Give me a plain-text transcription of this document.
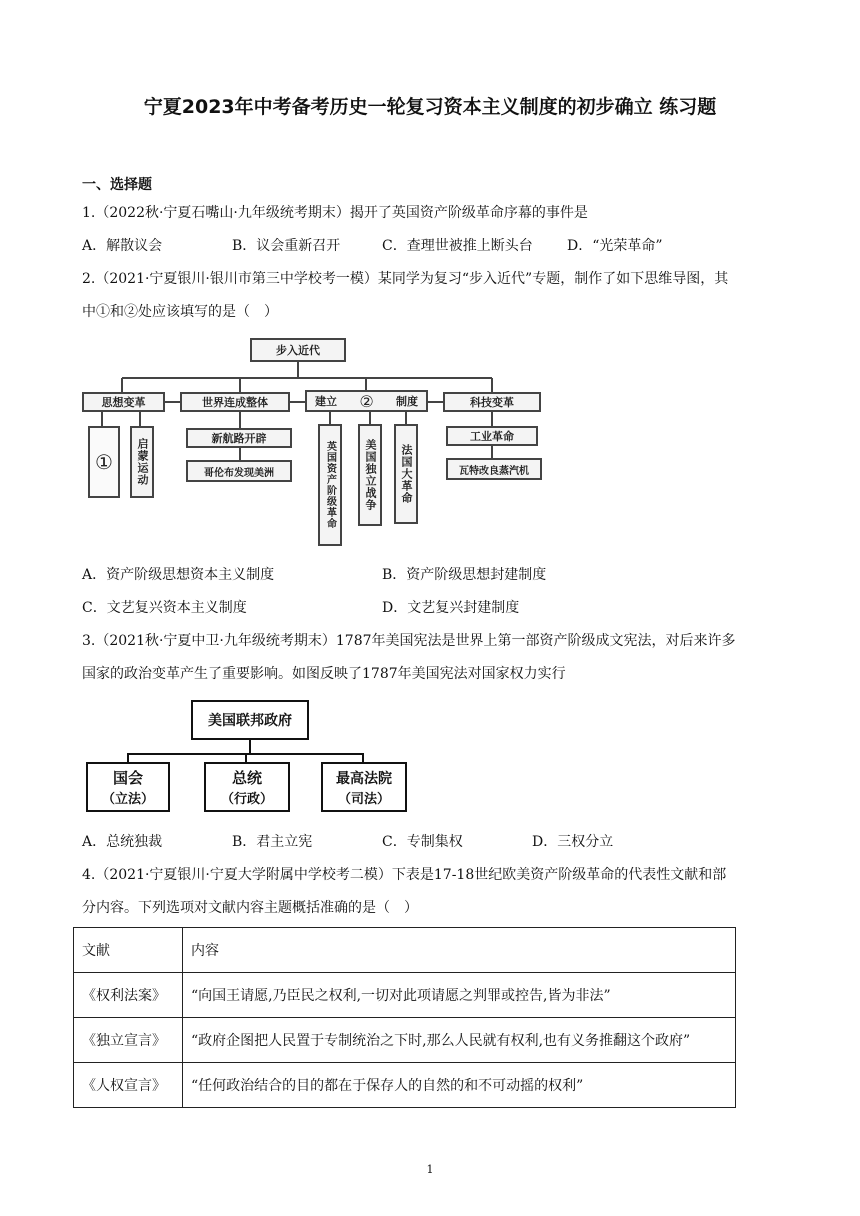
宁夏2023年中考备考历史一轮复习资本主义制度的初步确立 练习题
一、选择题
1.（2022秋·宁夏石嘴山·九年级统考期末）揭开了英国资产阶级革命序幕的事件是
A．解散议会	B．议会重新召开	C．查理世被推上断头台 D．“光荣革命”
2.（2021·宁夏银川·银川市第三中学校考一模）某同学为复习“步入近代”专题，制作了如下思维导图，其
中①和②处应该填写的是（　）
步入近代
思想变革	世界连成整体	建立 ② 制度	科技变革
①	启蒙运动	新航路开辟
哥伦布发现美洲	英国资产阶级革命	美国独立战争	法国大革命
工业革命
瓦特改良蒸汽机
A．资产阶级思想资本主义制度	B．资产阶级思想封建制度
C．文艺复兴资本主义制度	D．文艺复兴封建制度
3.（2021秋·宁夏中卫·九年级统考期末）1787年美国宪法是世界上第一部资产阶级成文宪法，对后来许多
国家的政治变革产生了重要影响。如图反映了1787年美国宪法对国家权力实行
美国联邦政府
国会
（立法）
总统
（行政）
最高法院
（司法）
A．总统独裁	B．君主立宪	C．专制集权	D．三权分立
4.（2021·宁夏银川·宁夏大学附属中学校考二模）下表是17-18世纪欧美资产阶级革命的代表性文献和部
分内容。下列选项对文献内容主题概括准确的是（　）
文献	内容
《权利法案》	“向国王请愿,乃臣民之权利,一切对此项请愿之判罪或控告,皆为非法”
《独立宣言》	“政府企图把人民置于专制统治之下时,那么人民就有权利,也有义务推翻这个政府”
《人权宣言》	“任何政治结合的目的都在于保存人的自然的和不可动摇的权利”
1
